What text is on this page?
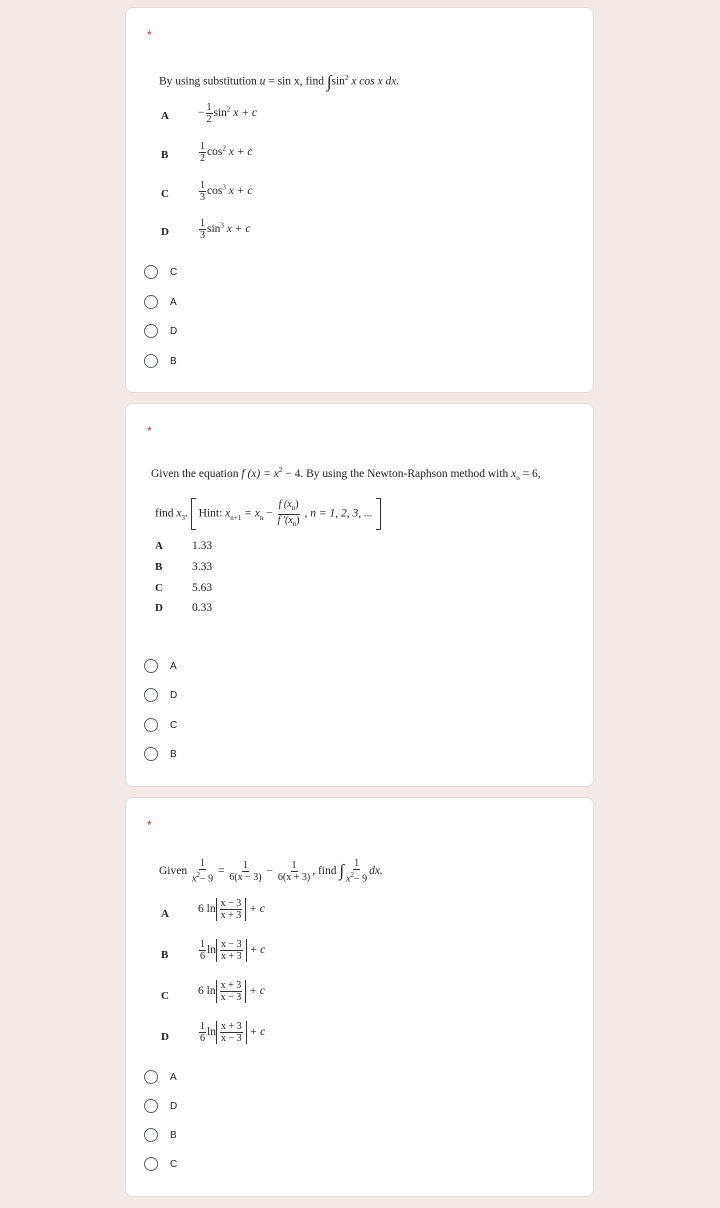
*
By using substitution u = sin x, find $\int\sin^2$ x cos x dx.
A	− $\frac{1}{2} \sin^2 x + c$
B	$\frac{1}{2} \cos^2 x + c$
C	$\frac{1}{3} \cos^3 x + c$
D	$\frac{1}{3} \sin^3 x + c$
C
A
D
B
*
Given the equation f $(x) = x^2 - 4$. By using the Newton-Raphson method with $x_o = 6$,
find $x_3$. Hint: $x_{n+1} = x_n - \frac{f (x_n)}{f '(x_n)}$ , n = 1, 2, 3, ...
A	1.33
B	3.33
C	5.63
D	0.33
A
D
C
B
*
Given $\frac{1}{x^2- 9} = \frac{1}{6(x - 3)} - \frac{1}{6(x + 3)}$ , find ∫ $\frac{1}{x^2- 9}$ dx.
A	6 $\ln \frac{x - 3}{x + 3} + c$
B	$\frac{1}{6}$ $\ln \frac{x - 3}{x + 3} + c$
C	6 $\ln \frac{x + 3}{x - 3} + c$
D	$\frac{1}{6}$ $\ln \frac{x + 3}{x - 3} + c$
A
D
B
C
